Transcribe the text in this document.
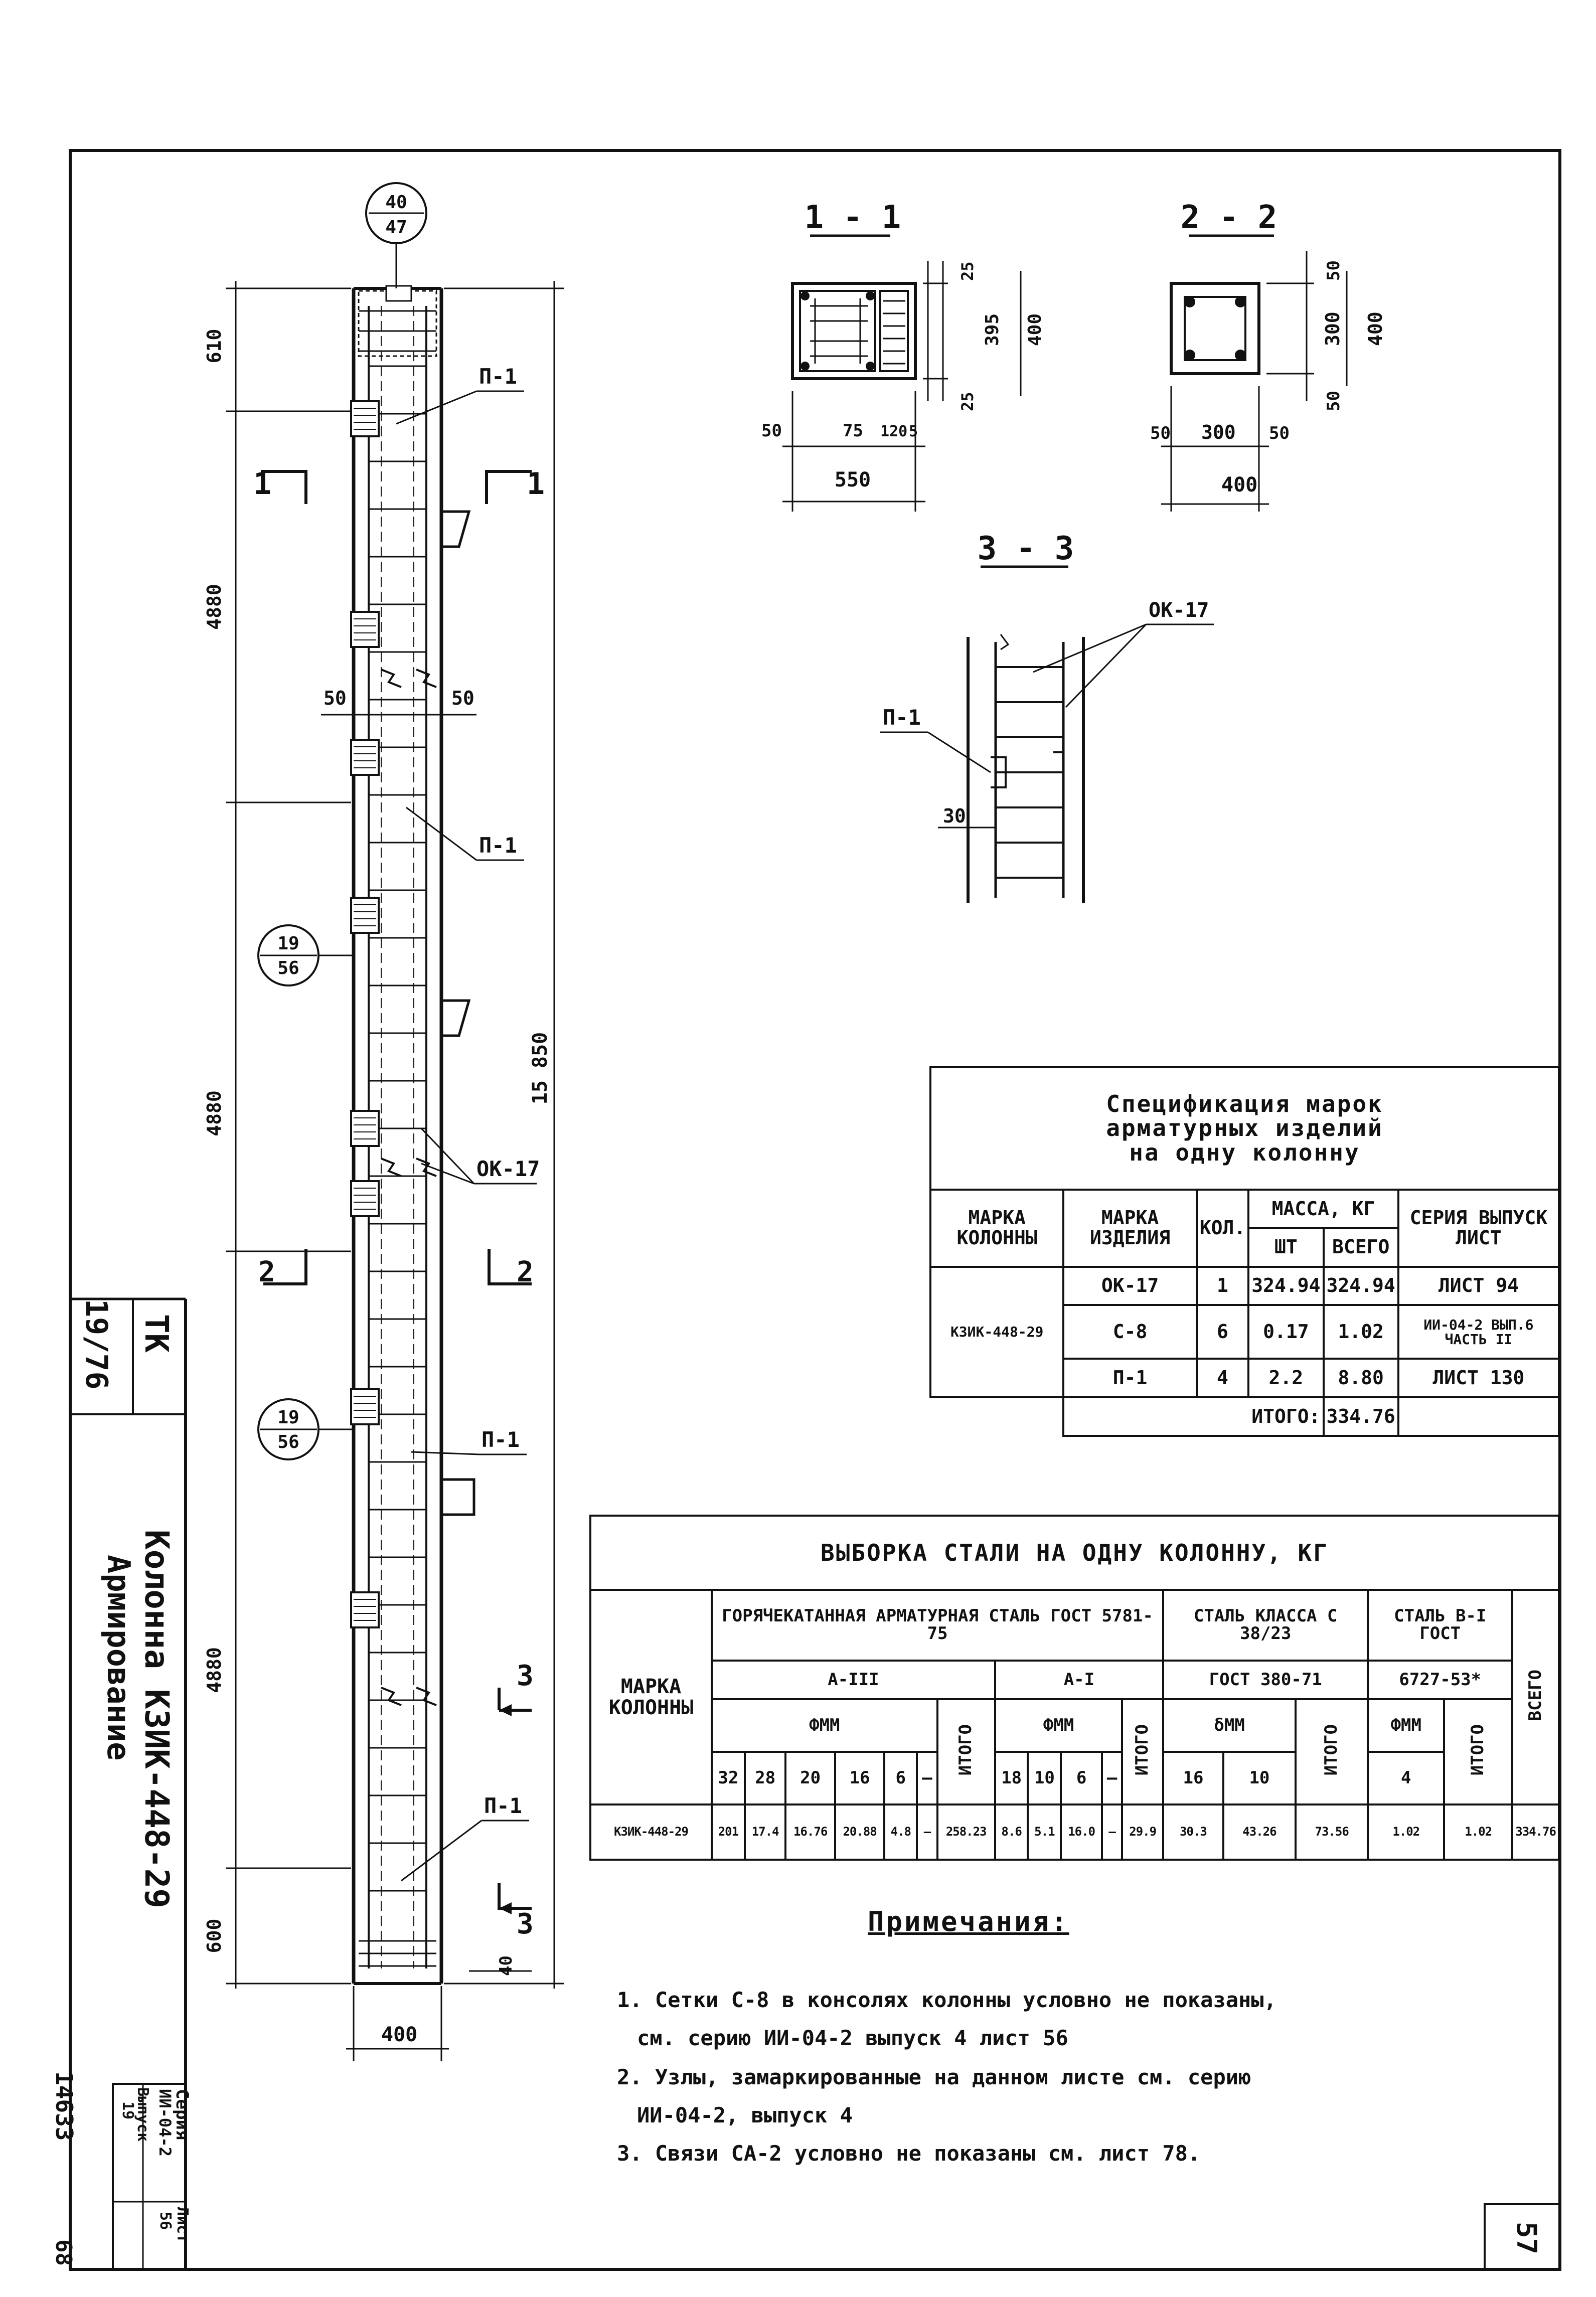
19/76 ТК
Колонна КЗИК-448-29
Армирование
Серия
ИИ-04-2
Выпуск
19
Лист
56
14633
68	57
610
4880
4880
4880
600
15 850
50	50
400
40
40
47
19
56
19
56
П-1
П-1
ОК-17
П-1
П-1
1	1
2	2
3
3
1 - 1
25
395 400
25
50	75 120 5
550
2 - 2
50
300 400
50
50 300 50
400
3 - 3
ОК-17
П-1
30
Спецификация марок
арматурных изделий
на одну колонну					

МАРКА КОЛОННЫ	МАРКА ИЗДЕЛИЯ	КОЛ.	МАССА, КГ		СЕРИЯ ВЫПУСК ЛИСТ
			ШТ	ВСЕГО	
КЗИК-448-29	ОК-17	1	324.94	324.94	ЛИСТ 94
	С-8	6	0.17	1.02	ИИ-04-2 ВЫП.6 ЧАСТЬ II
	П-1	4	2.2	8.80	ЛИСТ 130
	ИТОГО:			334.76	
ВЫБОРКА СТАЛИ НА ОДНУ КОЛОННУ, КГ																		
МАРКА КОЛОННЫ	ГОРЯЧЕКАТАННАЯ АРМАТУРНАЯ СТАЛЬ ГОСТ 5781-75												СТАЛЬ КЛАССА С 38/23			СТАЛЬ В-I ГОСТ		ВСЕГО
	А-III							А-I					ГОСТ 380-71			6727-53*		
	ФММ						ИТОГО	ФММ				ИТОГО	δММ		ИТОГО	ФММ	ИТОГО	
	32	28	20	16	6	—		18	10	6	—		16	10		4		
КЗИК-448-29	201	17.4	16.76	20.88	4.8	—	258.23	8.6	5.1	16.0	—	29.9	30.3	43.26	73.56	1.02	1.02	334.76
Примечания:
1. Сетки С-8 в консолях колонны условно не показаны,
см. серию ИИ-04-2 выпуск 4 лист 56
2. Узлы, замаркированные на данном листе см. серию
ИИ-04-2, выпуск 4
3. Связи СА-2 условно не показаны см. лист 78.
